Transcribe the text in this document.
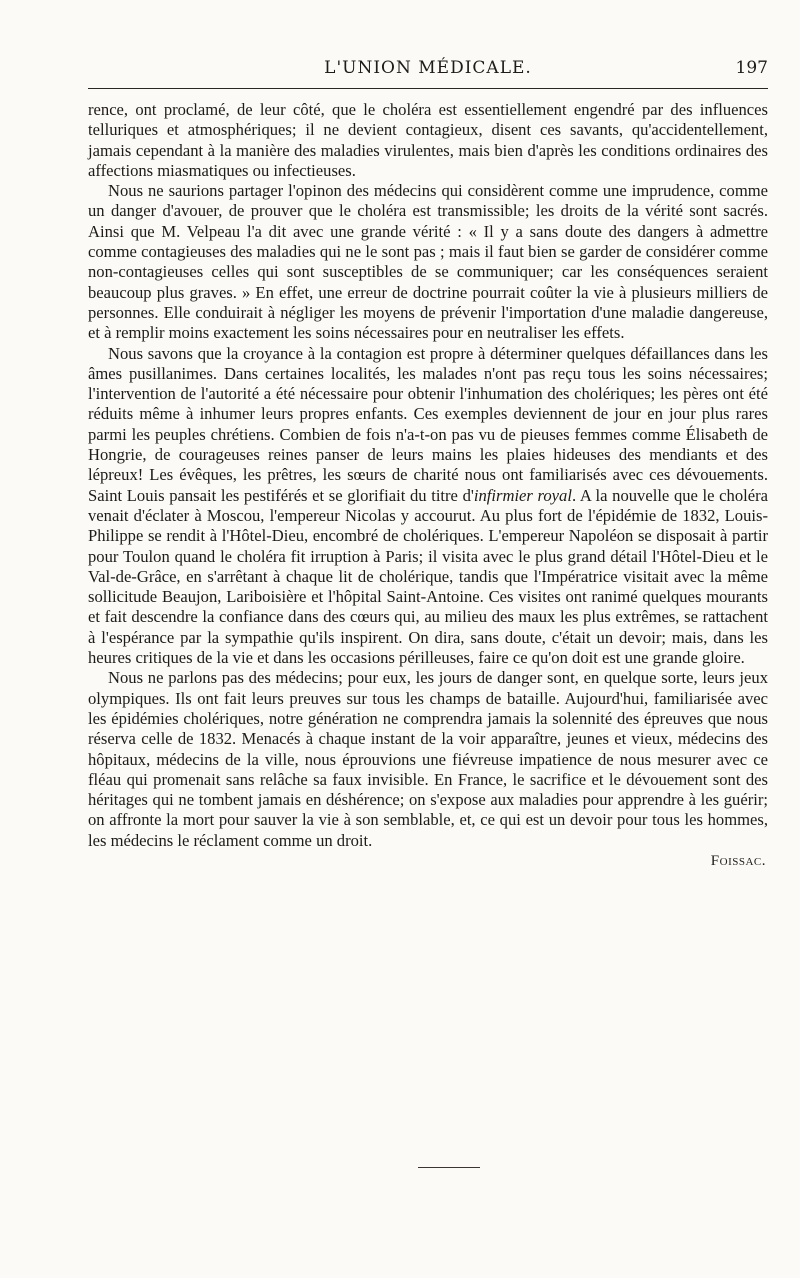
L'UNION MÉDICALE.	197

rence, ont proclamé, de leur côté, que le choléra est essentiellement engendré par des influences telluriques et atmosphériques; il ne devient contagieux, disent ces savants, qu'accidentellement, jamais cependant à la manière des maladies virulentes, mais bien d'après les conditions ordinaires des affections miasmatiques ou infectieuses.

Nous ne saurions partager l'opinon des médecins qui considèrent comme une imprudence, comme un danger d'avouer, de prouver que le choléra est transmissible; les droits de la vérité sont sacrés. Ainsi que M. Velpeau l'a dit avec une grande vérité : « Il y a sans doute des dangers à admettre comme contagieuses des maladies qui ne le sont pas ; mais il faut bien se garder de considérer comme non-contagieuses celles qui sont susceptibles de se communiquer; car les conséquences seraient beaucoup plus graves. » En effet, une erreur de doctrine pourrait coûter la vie à plusieurs milliers de personnes. Elle conduirait à négliger les moyens de prévenir l'importation d'une maladie dangereuse, et à remplir moins exactement les soins nécessaires pour en neutraliser les effets.

Nous savons que la croyance à la contagion est propre à déterminer quelques défaillances dans les âmes pusillanimes. Dans certaines localités, les malades n'ont pas reçu tous les soins nécessaires; l'intervention de l'autorité a été nécessaire pour obtenir l'inhumation des cholériques; les pères ont été réduits même à inhumer leurs propres enfants. Ces exemples deviennent de jour en jour plus rares parmi les peuples chrétiens. Combien de fois n'a-t-on pas vu de pieuses femmes comme Élisabeth de Hongrie, de courageuses reines panser de leurs mains les plaies hideuses des mendiants et des lépreux! Les évêques, les prêtres, les sœurs de charité nous ont familiarisés avec ces dévouements. Saint Louis pansait les pestiférés et se glorifiait du titre d'infirmier royal. A la nouvelle que le choléra venait d'éclater à Moscou, l'empereur Nicolas y accourut. Au plus fort de l'épidémie de 1832, Louis-Philippe se rendit à l'Hôtel-Dieu, encombré de cholériques. L'empereur Napoléon se disposait à partir pour Toulon quand le choléra fit irruption à Paris; il visita avec le plus grand détail l'Hôtel-Dieu et le Val-de-Grâce, en s'arrêtant à chaque lit de cholérique, tandis que l'Impératrice visitait avec la même sollicitude Beaujon, Lariboisière et l'hôpital Saint-Antoine. Ces visites ont ranimé quelques mourants et fait descendre la confiance dans des cœurs qui, au milieu des maux les plus extrêmes, se rattachent à l'espérance par la sympathie qu'ils inspirent. On dira, sans doute, c'était un devoir; mais, dans les heures critiques de la vie et dans les occasions périlleuses, faire ce qu'on doit est une grande gloire.

Nous ne parlons pas des médecins; pour eux, les jours de danger sont, en quelque sorte, leurs jeux olympiques. Ils ont fait leurs preuves sur tous les champs de bataille. Aujourd'hui, familiarisée avec les épidémies cholériques, notre génération ne comprendra jamais la solennité des épreuves que nous réserva celle de 1832. Menacés à chaque instant de la voir apparaître, jeunes et vieux, médecins des hôpitaux, médecins de la ville, nous éprouvions une fiévreuse impatience de nous mesurer avec ce fléau qui promenait sans relâche sa faux invisible. En France, le sacrifice et le dévouement sont des héritages qui ne tombent jamais en déshérence; on s'expose aux maladies pour apprendre à les guérir; on affronte la mort pour sauver la vie à son semblable, et, ce qui est un devoir pour tous les hommes, les médecins le réclament comme un droit.

Foissac.
